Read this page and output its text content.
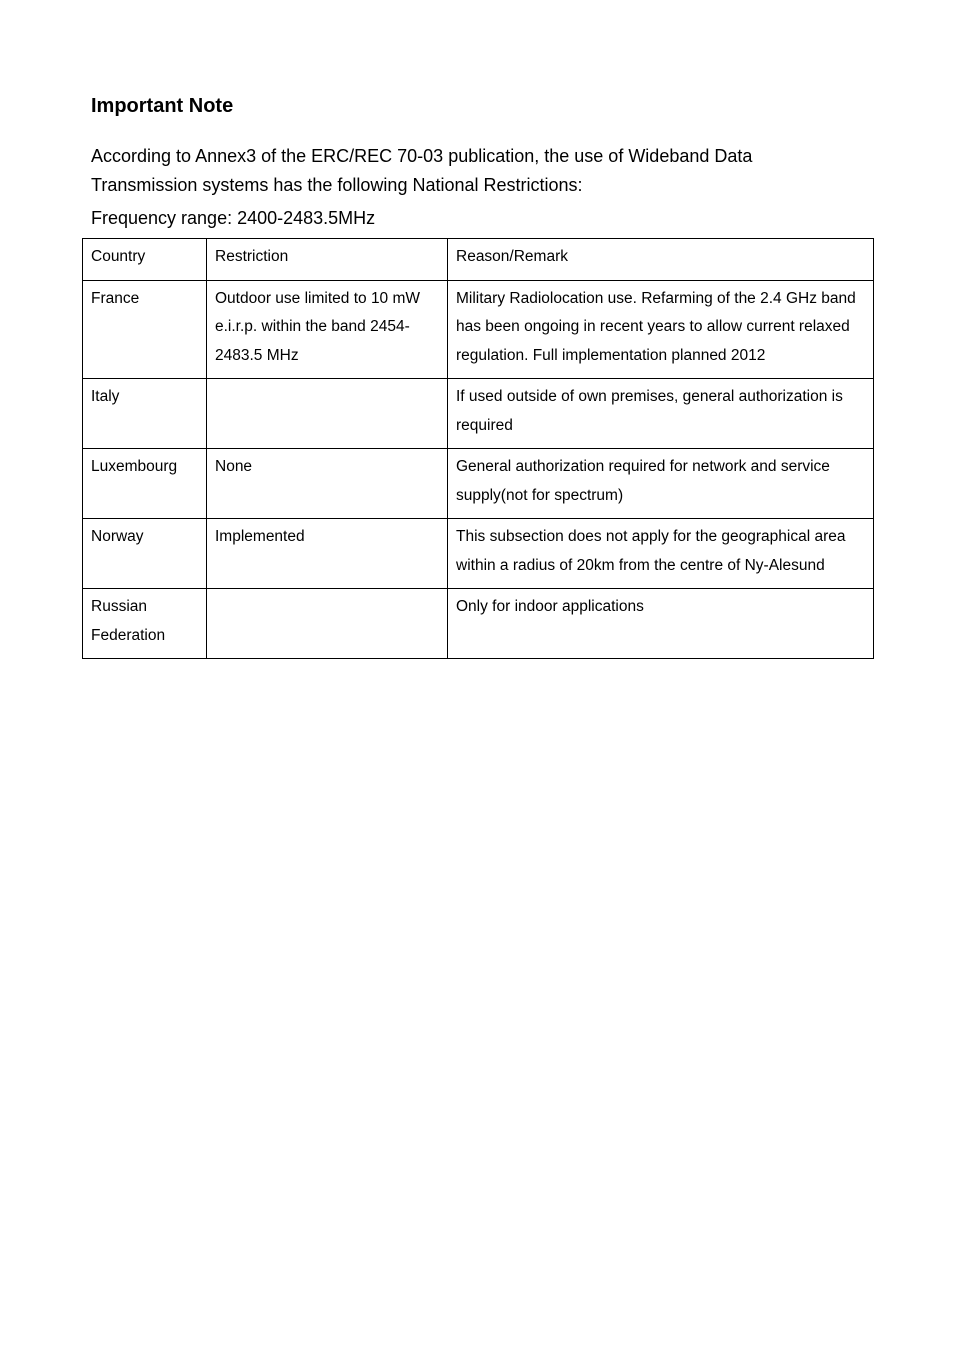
Important Note

According to Annex3 of the ERC/REC 70-03 publication, the use of Wideband Data Transmission systems has the following National Restrictions:

Frequency range: 2400-2483.5MHz

Country	Restriction	Reason/Remark
France	Outdoor use limited to 10 mW e.i.r.p. within the band 2454-2483.5 MHz	Military Radiolocation use. Refarming of the 2.4 GHz band has been ongoing in recent years to allow current relaxed regulation. Full implementation planned 2012
Italy		If used outside of own premises, general authorization is required
Luxembourg	None	General authorization required for network and service supply(not for spectrum)
Norway	Implemented	This subsection does not apply for the geographical area within a radius of 20km from the centre of Ny-Alesund
Russian Federation		Only for indoor applications
